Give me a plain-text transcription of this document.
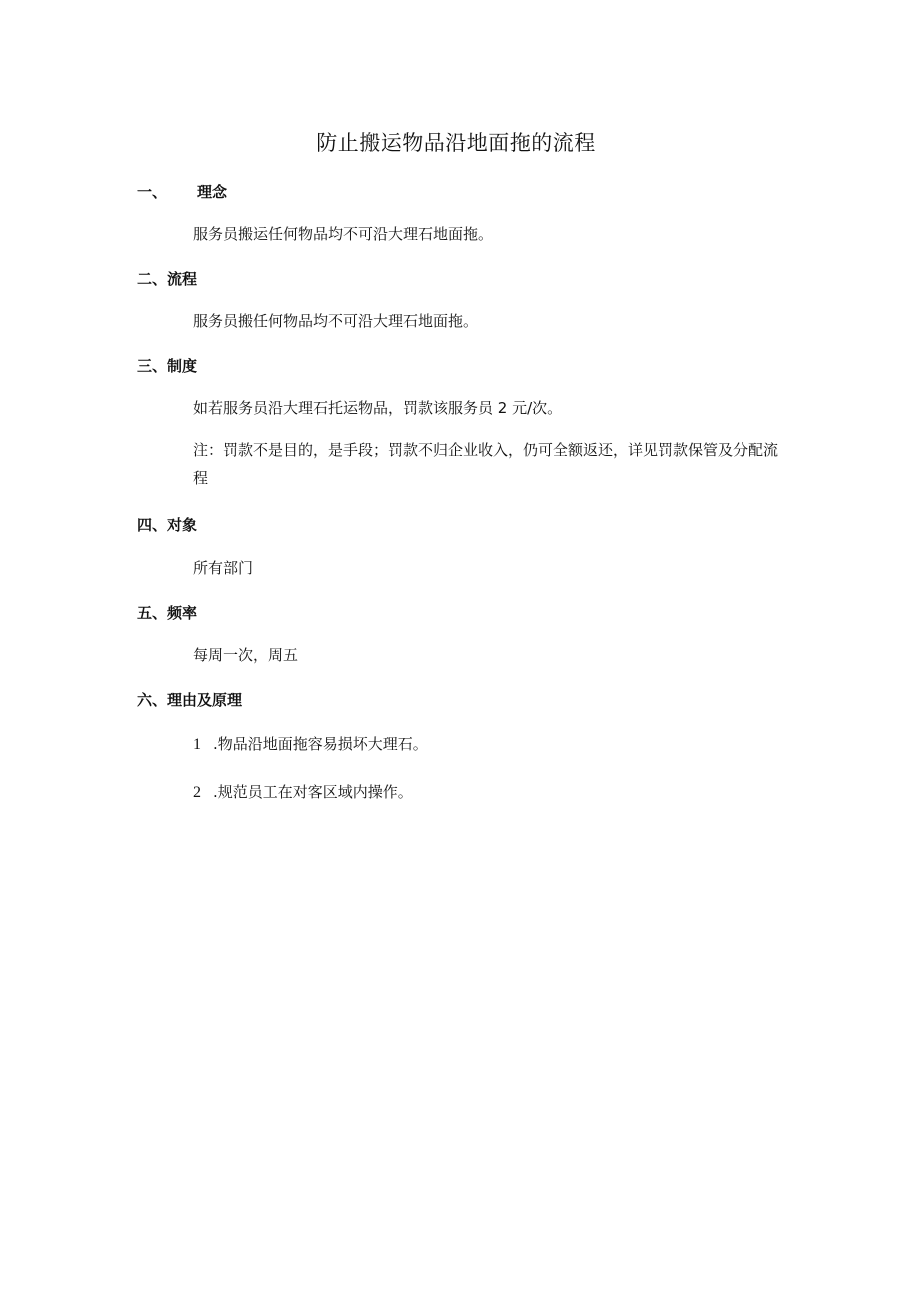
防止搬运物品沿地面拖的流程
一、 理念
服务员搬运任何物品均不可沿大理石地面拖。
二、流程
服务员搬任何物品均不可沿大理石地面拖。
三、制度
如若服务员沿大理石托运物品，罚款该服务员 2 元/次。
注：罚款不是目的，是手段；罚款不归企业收入，仍可全额返还，详见罚款保管及分配流程
四、对象
所有部门
五、频率
每周一次，周五
六、理由及原理
1 .物品沿地面拖容易损坏大理石。
2 .规范员工在对客区域内操作。
